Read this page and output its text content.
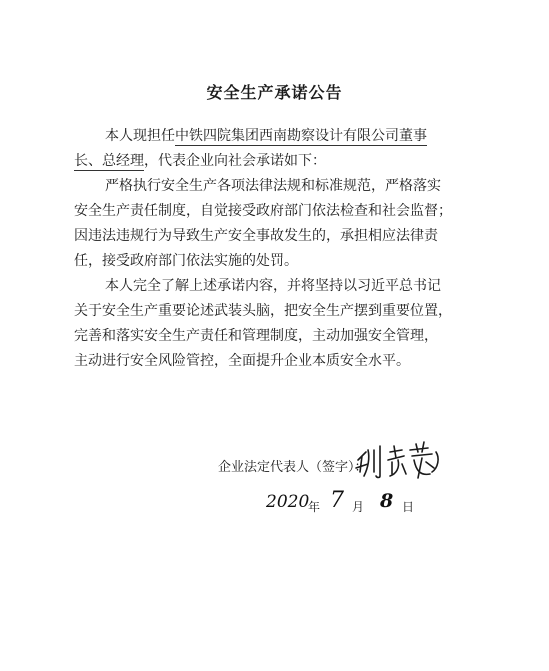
安全生产承诺公告
本人现担任中铁四院集团西南勘察设计有限公司董事
长、总经理，代表企业向社会承诺如下：
严格执行安全生产各项法律法规和标准规范，严格落实
安全生产责任制度，自觉接受政府部门依法检查和社会监督；
因违法违规行为导致生产安全事故发生的，承担相应法律责
任，接受政府部门依法实施的处罚。
本人完全了解上述承诺内容，并将坚持以习近平总书记
关于安全生产重要论述武装头脑，把安全生产摆到重要位置，
完善和落实安全生产责任和管理制度，主动加强安全管理，
主动进行安全风险管控，全面提升企业本质安全水平。
企业法定代表人（签字）：
2020
年 7 月 8 日
